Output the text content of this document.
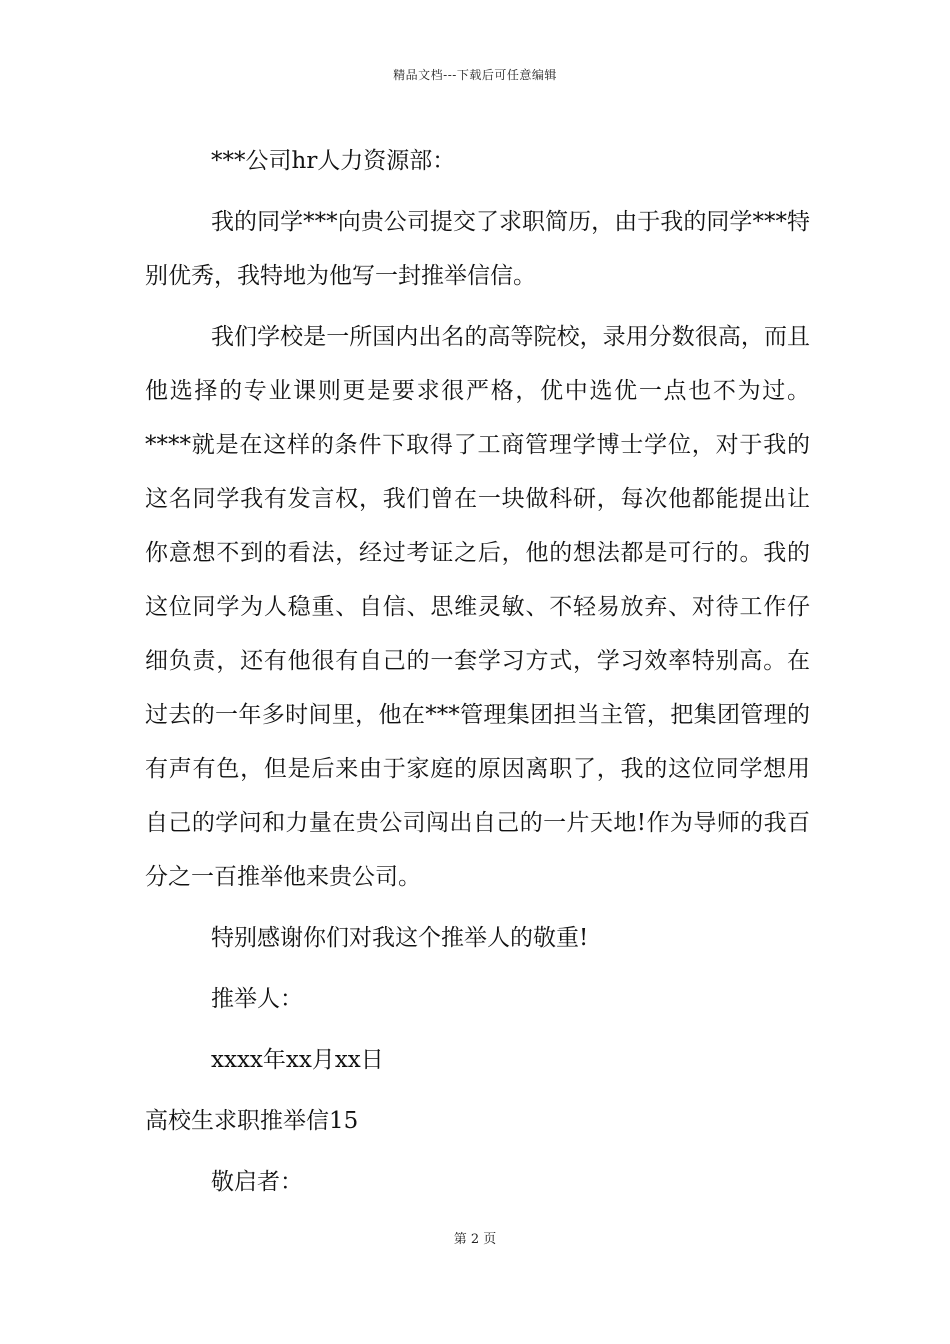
精品文档---下载后可任意编辑

***公司hr人力资源部：

我的同学***向贵公司提交了求职简历，由于我的同学***特别优秀，我特地为他写一封推举信信。

我们学校是一所国内出名的高等院校，录用分数很高，而且他选择的专业课则更是要求很严格，优中选优一点也不为过。****就是在这样的条件下取得了工商管理学博士学位，对于我的这名同学我有发言权，我们曾在一块做科研，每次他都能提出让你意想不到的看法，经过考证之后，他的想法都是可行的。我的这位同学为人稳重、自信、思维灵敏、不轻易放弃、对待工作仔细负责，还有他很有自己的一套学习方式，学习效率特别高。在过去的一年多时间里，他在***管理集团担当主管，把集团管理的有声有色，但是后来由于家庭的原因离职了，我的这位同学想用自己的学问和力量在贵公司闯出自己的一片天地!作为导师的我百分之一百推举他来贵公司。

特别感谢你们对我这个推举人的敬重!

推举人：

xxxx年xx月xx日

高校生求职推举信15

敬启者：

第 2 页
